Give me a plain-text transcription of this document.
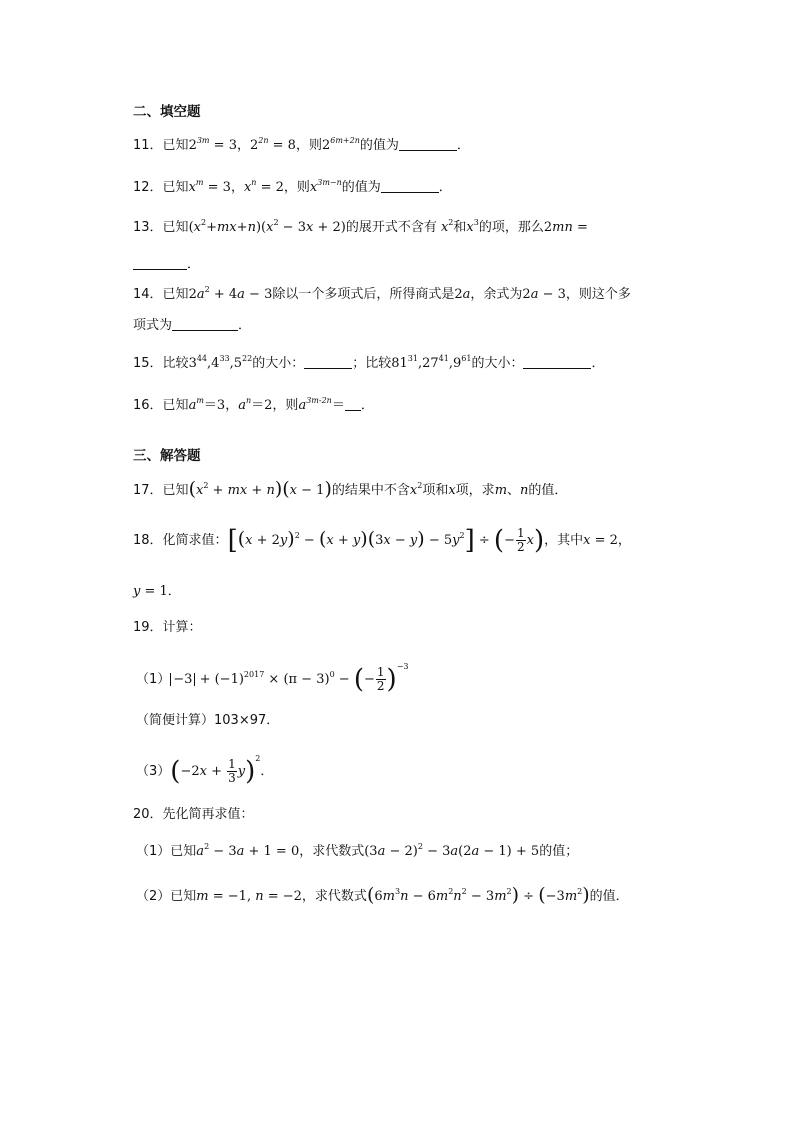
二、填空题
11．已知$2^{3m} = 3$，$2^{2n} = 8$，则$2^{6m+2n}$的值为	．
12．已知$x^m = 3$，$x^n = 2$，则$x^{3m-n}$的值为	．
13．已知$(x^2+mx+n)(x^2 - 3x + 2)$的展开式不含有 $x^2$和$x^3$的项，那么2mn =
．
14．已知$2a^2 + 4a - 3$除以一个多项式后，所得商式是2a，余式为2a − 3，则这个多
项式为	．
15．比较$3^{44},4^{33},5^{22}$的大小：	；比较$81^{31},27^{41},9^{61}$的大小：	．
16．已知$a^m=3$，$a^n=2$，则$a^{3m-2n}=$ ．
三、解答题
17．已知($x^2$ + mx + n)(x − 1)的结果中不含$x^2$项和x项，求m、n的值．
18．化简求值：$[(x + 2y)^2 - (x + y)(3x - y) - 5y^2]$ ÷ (− $\frac{1}{2} x$)，其中x = 2，
y = 1．
19．计算：
$(1) -3 + (-1)^{2017} \times (\pi - 3)^0$ − (− $\frac{1}{2} )^{-3}$
（简便计算）103×97．
$(3)(-2x + \frac{1}{3} y)^2$．
20．先化简再求值：
（1）已知$a^2 - 3a + 1 = 0$，求代数式$(3a - 2)^2 - 3a(2a - 1) + 5$的值；
（2）已知m = −1, n = −2，求代数式$(6m^3n - 6m^2n^2 - 3m^2) \div (-3m^2)$的值．
